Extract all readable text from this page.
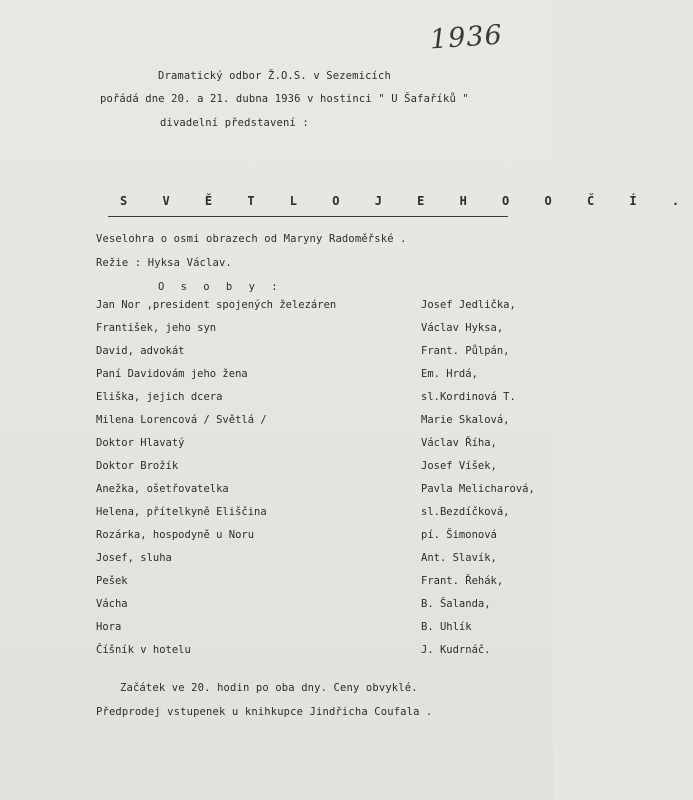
1936
Dramatický odbor Ž.O.S. v Sezemicích
pořádá dne 20. a 21. dubna 1936 v hostinci " U Šafaříků "
divadelní představení :
S V Ě T L O J E H O O Č Í .
Veselohra o osmi obrazech od Maryny Radoměřské .
Režie : Hyksa Václav.
O s o b y :
Jan Nor ,president spojených železáren	Josef Jedlička,
František, jeho syn	Václav Hyksa,
David, advokát	Frant. Půlpán,
Paní Davidovám jeho žena	Em. Hrdá,
Eliška, jejich dcera	sl.Kordinová T.
Milena Lorencová / Světlá /	Marie Skalová,
Doktor Hlavatý	Václav Říha,
Doktor Brožík	Josef Víšek,
Anežka, ošetřovatelka	Pavla Melicharová,
Helena, přítelkyně Eliščina	sl.Bezdíčková,
Rozárka, hospodyně u Noru	pí. Šimonová
Josef, sluha	Ant. Slavík,
Pešek	Frant. Řehák,
Vácha	B. Šalanda,
Hora	B. Uhlík
Číšník v hotelu	J. Kudrnáč.
Začátek ve 20. hodin po oba dny. Ceny obvyklé.
Předprodej vstupenek u knihkupce Jindřicha Coufala .
